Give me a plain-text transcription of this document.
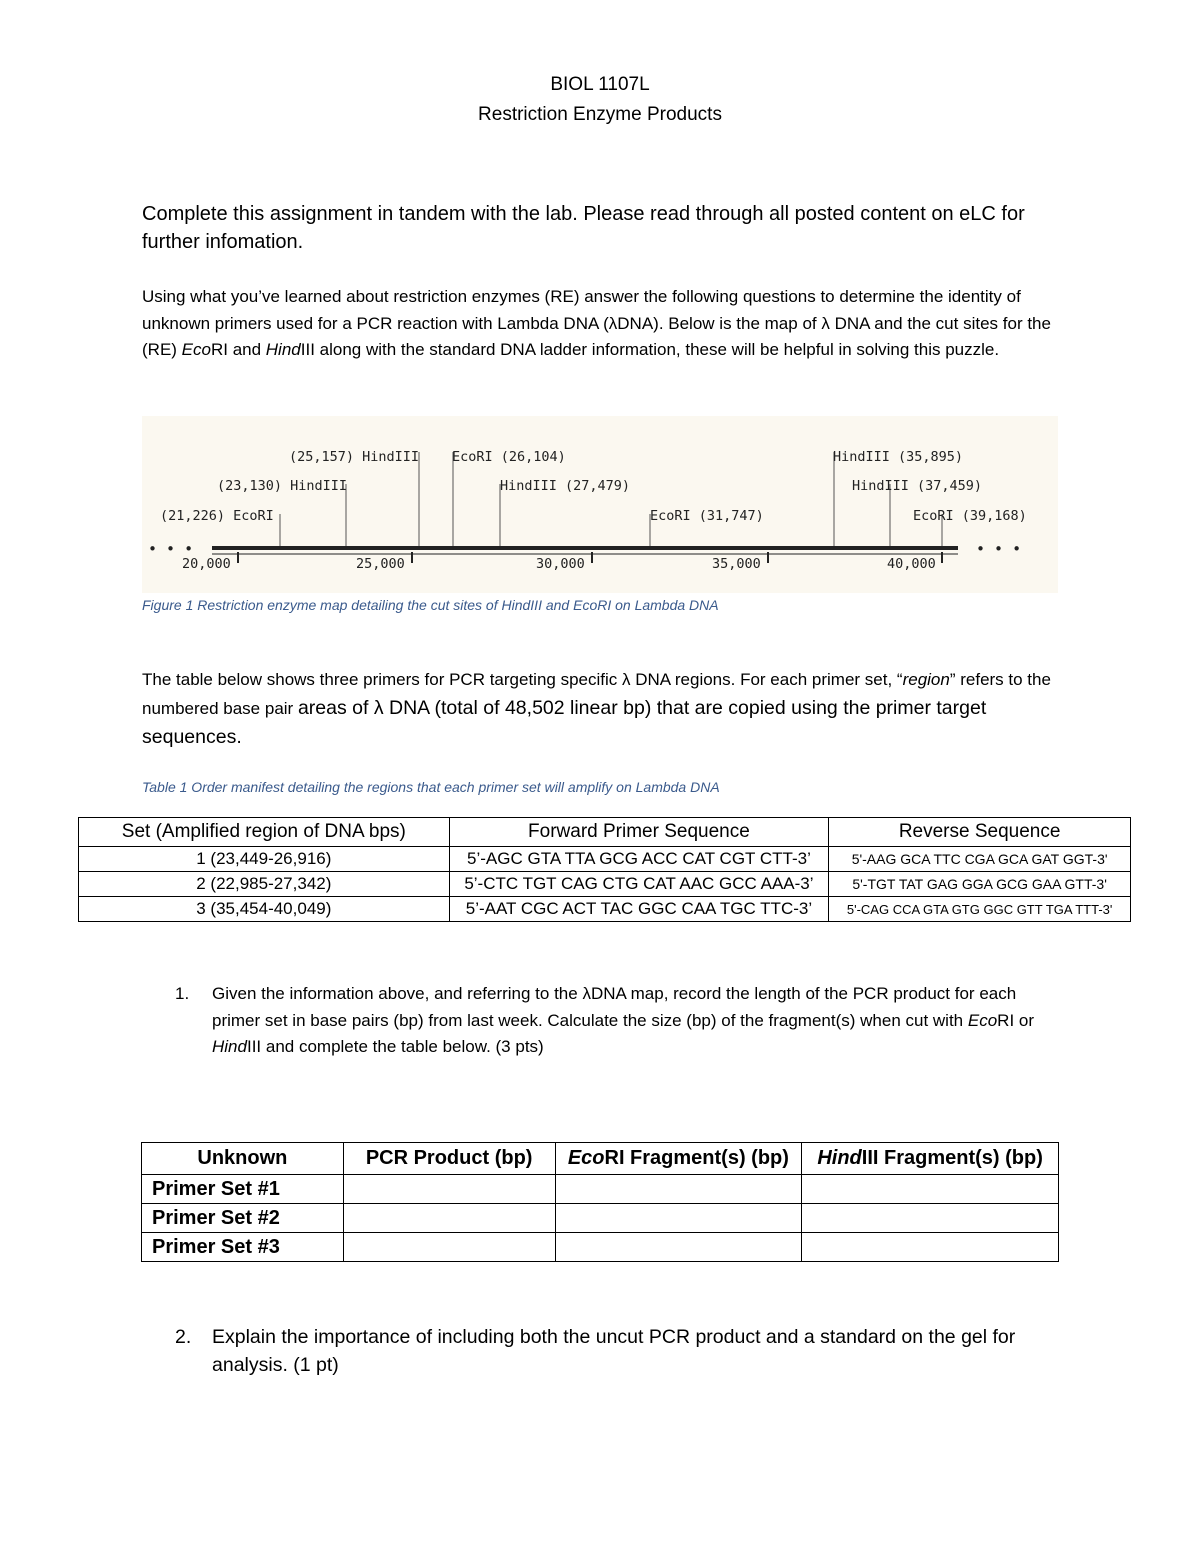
BIOL 1107L
Restriction Enzyme Products
Complete this assignment in tandem with the lab. Please read through all posted content on eLC for further infomation.
Using what you’ve learned about restriction enzymes (RE) answer the following questions to determine the identity of unknown primers used for a PCR reaction with Lambda DNA (λDNA). Below is the map of λ DNA and the cut sites for the (RE) EcoRI and HindIII along with the standard DNA ladder information, these will be helpful in solving this puzzle.
(25,157) HindIII EcoRI (26,104)	HindIII (35,895)
(23,130) HindIII	HindIII (27,479)	HindIII (37,459)
(21,226) EcoRI	EcoRI (31,747)	EcoRI (39,168)
• • •	• • •
20,000	25,000	30,000	35,000	40,000
Figure 1 Restriction enzyme map detailing the cut sites of HindIII and EcoRI on Lambda DNA
The table below shows three primers for PCR targeting specific λ DNA regions. For each primer set, “region” refers to the numbered base pair areas of λ DNA (total of 48,502 linear bp) that are copied using the primer target sequences.
Table 1 Order manifest detailing the regions that each primer set will amplify on Lambda DNA
Set (Amplified region of DNA bps)	Forward Primer Sequence	Reverse Sequence
1 (23,449-26,916)	5’-AGC GTA TTA GCG ACC CAT CGT CTT-3’	5'-AAG GCA TTC CGA GCA GAT GGT-3'
2 (22,985-27,342)	5’-CTC TGT CAG CTG CAT AAC GCC AAA-3’	5'-TGT TAT GAG GGA GCG GAA GTT-3'
3 (35,454-40,049)	5’-AAT CGC ACT TAC GGC CAA TGC TTC-3’	5'-CAG CCA GTA GTG GGC GTT TGA TTT-3'
1. Given the information above, and referring to the λDNA map, record the length of the PCR product for each primer set in base pairs (bp) from last week. Calculate the size (bp) of the fragment(s) when cut with EcoRI or HindIII and complete the table below. (3 pts)
Unknown	PCR Product (bp)	EcoRI Fragment(s) (bp)	HindIII Fragment(s) (bp)
Primer Set #1			
Primer Set #2			
Primer Set #3			
2. Explain the importance of including both the uncut PCR product and a standard on the gel for analysis. (1 pt)
